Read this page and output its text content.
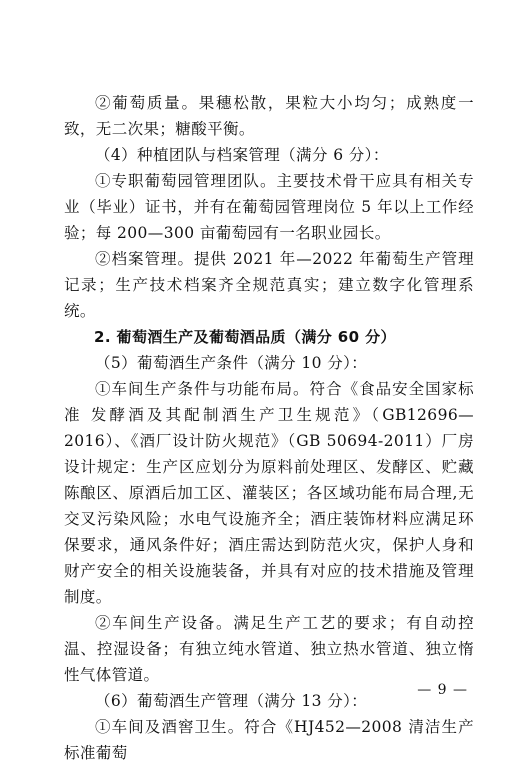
②葡萄质量。果穗松散，果粒大小均匀；成熟度一致，无二次果；糖酸平衡。

（4）种植团队与档案管理（满分 6 分）：

①专职葡萄园管理团队。主要技术骨干应具有相关专业（毕业）证书，并有在葡萄园管理岗位 5 年以上工作经验；每 200—300 亩葡萄园有一名职业园长。

②档案管理。提供 2021 年—2022 年葡萄生产管理记录；生产技术档案齐全规范真实；建立数字化管理系统。

2. 葡萄酒生产及葡萄酒品质（满分 60 分）

（5）葡萄酒生产条件（满分 10 分）：

①车间生产条件与功能布局。符合《食品安全国家标准 发酵酒及其配制酒生产卫生规范》（GB12696—2016）、《酒厂设计防火规范》（GB 50694-2011）厂房设计规定：生产区应划分为原料前处理区、发酵区、贮藏陈酿区、原酒后加工区、灌装区；各区域功能布局合理,无交叉污染风险；水电气设施齐全；酒庄装饰材料应满足环保要求，通风条件好；酒庄需达到防范火灾，保护人身和财产安全的相关设施装备，并具有对应的技术措施及管理制度。

②车间生产设备。满足生产工艺的要求；有自动控温、控湿设备；有独立纯水管道、独立热水管道、独立惰性气体管道。

（6）葡萄酒生产管理（满分 13 分）：

①车间及酒窖卫生。符合《HJ452—2008 清洁生产标准葡萄

— 9 —
